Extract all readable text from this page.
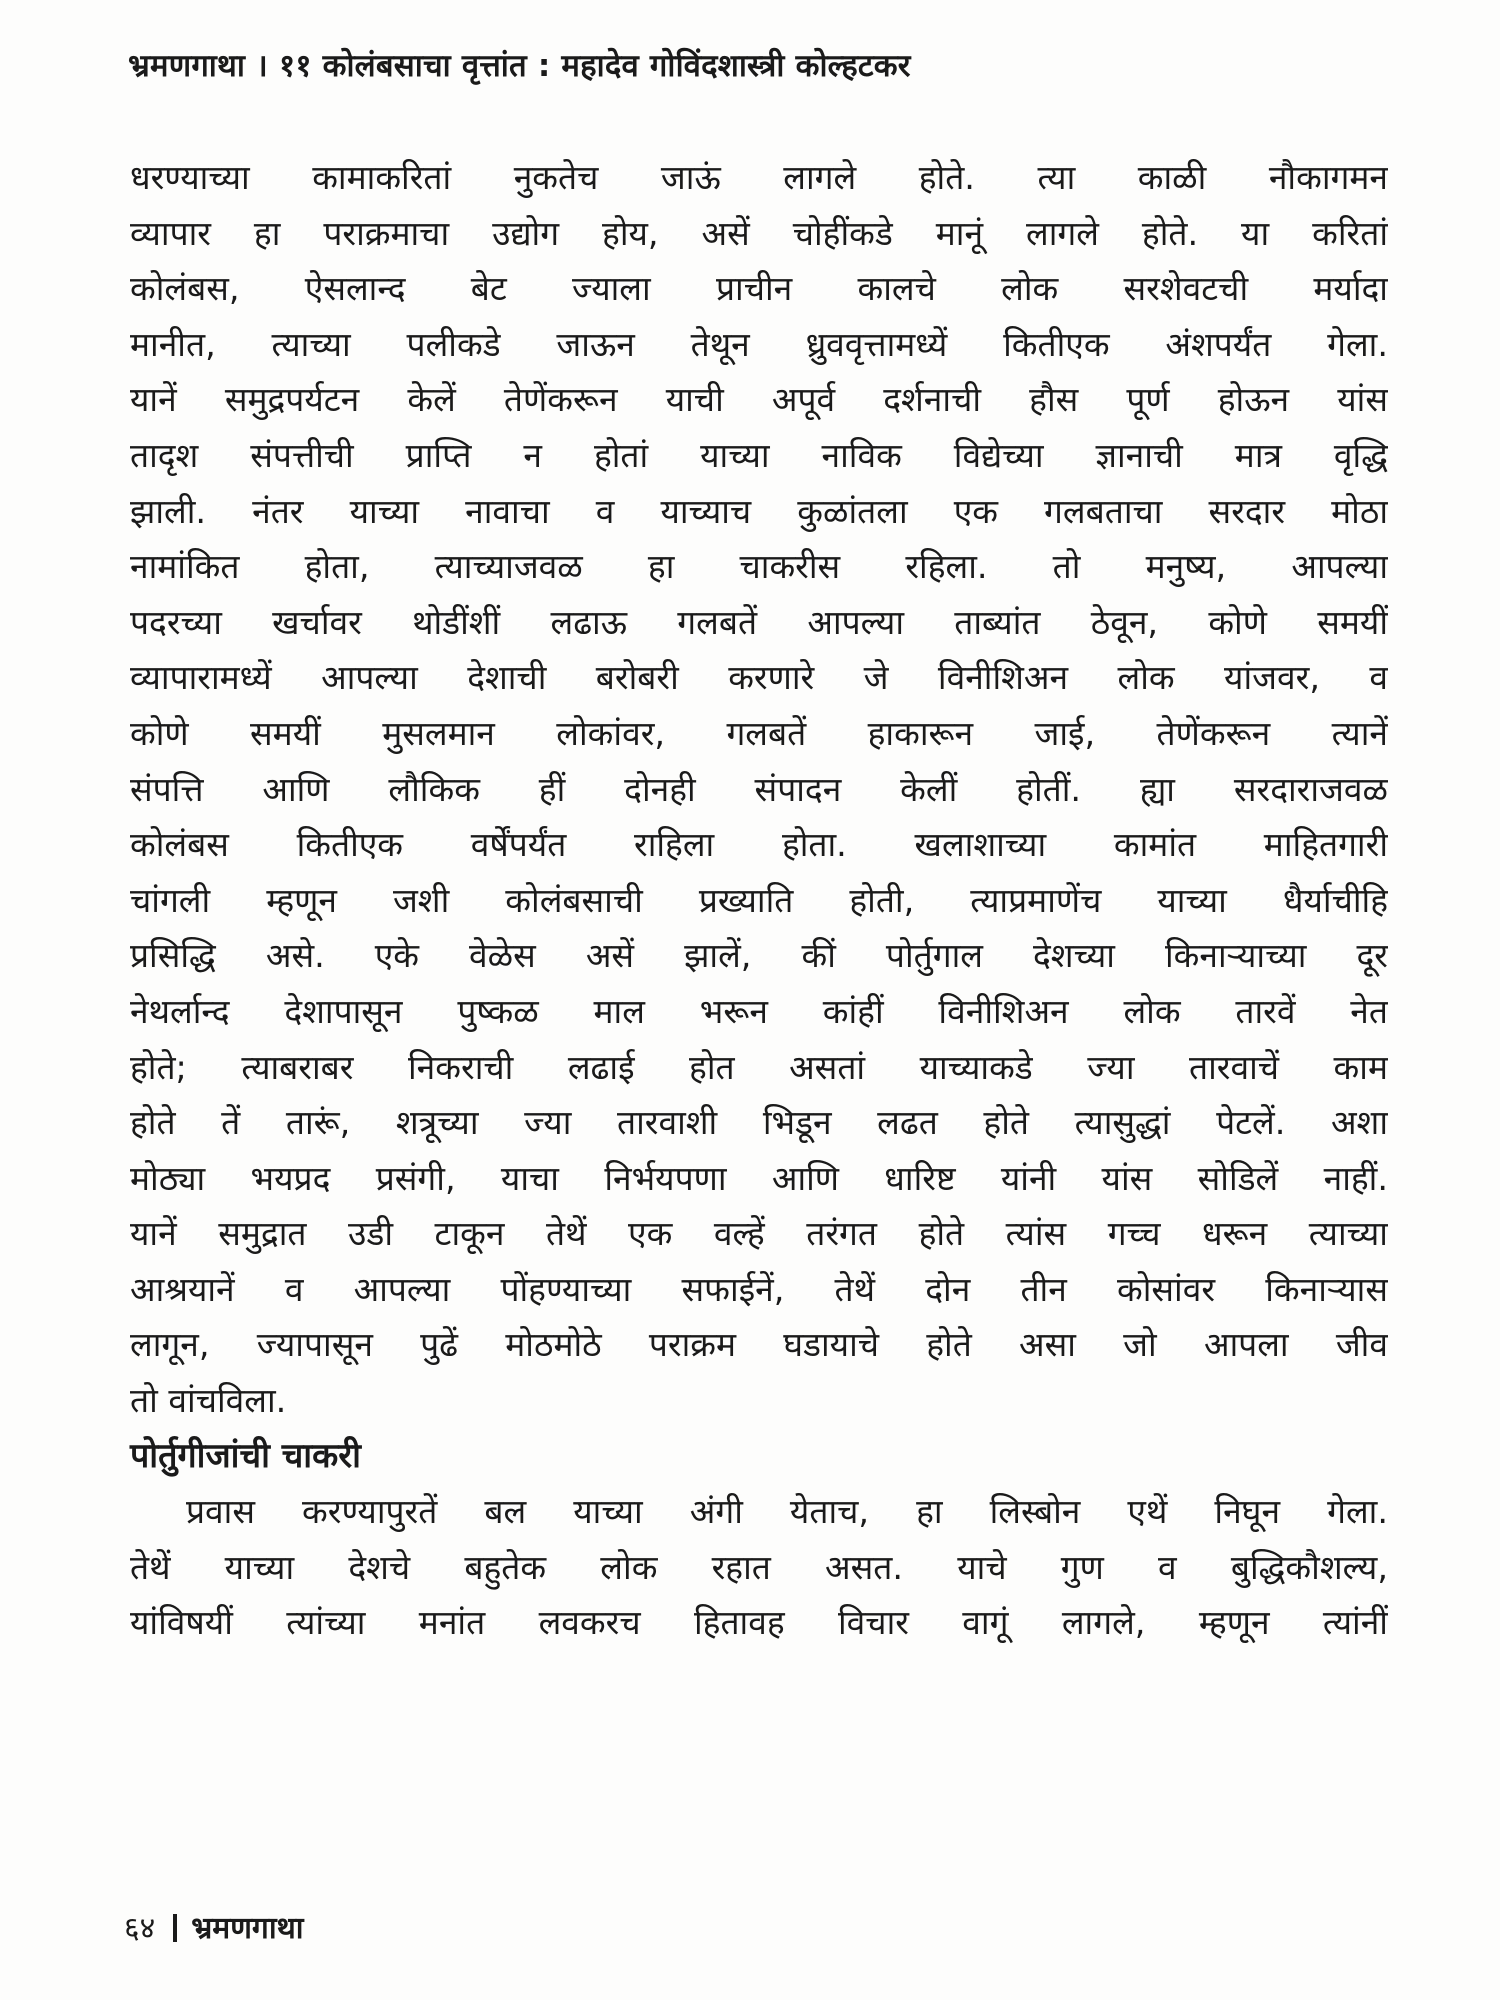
भ्रमणगाथा । ११ कोलंबसाचा वृत्तांत : महादेव गोविंदशास्त्री कोल्हटकर
धरण्याच्या कामाकरितां नुकतेच जाऊं लागले होते. त्या काळी नौकागमन
व्यापार हा पराक्रमाचा उद्योग होय, असें चोहींकडे मानूं लागले होते. या करितां
कोलंबस, ऐसलान्द बेट ज्याला प्राचीन कालचे लोक सरशेवटची मर्यादा
मानीत, त्याच्या पलीकडे जाऊन तेथून ध्रुववृत्तामध्यें कितीएक अंशपर्यंत गेला.
यानें समुद्रपर्यटन केलें तेणेंकरून याची अपूर्व दर्शनाची हौस पूर्ण होऊन यांस
तादृश संपत्तीची प्राप्ति न होतां याच्या नाविक विद्येच्या ज्ञानाची मात्र वृद्धि
झाली. नंतर याच्या नावाचा व याच्याच कुळांतला एक गलबताचा सरदार मोठा
नामांकित होता, त्याच्याजवळ हा चाकरीस रहिला. तो मनुष्य, आपल्या
पदरच्या खर्चावर थोडींशीं लढाऊ गलबतें आपल्या ताब्यांत ठेवून, कोणे समयीं
व्यापारामध्यें आपल्या देशाची बरोबरी करणारे जे विनीशिअन लोक यांजवर, व
कोणे समयीं मुसलमान लोकांवर, गलबतें हाकारून जाई, तेणेंकरून त्यानें
संपत्ति आणि लौकिक हीं दोनही संपादन केलीं होतीं. ह्या सरदाराजवळ
कोलंबस कितीएक वर्षेंपर्यंत राहिला होता. खलाशाच्या कामांत माहितगारी
चांगली म्हणून जशी कोलंबसाची प्रख्याति होती, त्याप्रमाणेंच याच्या धैर्याचीहि
प्रसिद्धि असे. एके वेळेस असें झालें, कीं पोर्तुगाल देशच्या किनाऱ्याच्या दूर
नेथर्लान्द देशापासून पुष्कळ माल भरून कांहीं विनीशिअन लोक तारवें नेत
होते; त्याबराबर निकराची लढाई होत असतां याच्याकडे ज्या तारवाचें काम
होते तें तारूं, शत्रूच्या ज्या तारवाशी भिडून लढत होते त्यासुद्धां पेटलें. अशा
मोठ्या भयप्रद प्रसंगी, याचा निर्भयपणा आणि धारिष्ट यांनी यांस सोडिलें नाहीं.
यानें समुद्रात उडी टाकून तेथें एक वल्हें तरंगत होते त्यांस गच्च धरून त्याच्या
आश्रयानें व आपल्या पोंहण्याच्या सफाईनें, तेथें दोन तीन कोसांवर किनाऱ्यास
लागून, ज्यापासून पुढें मोठमोठे पराक्रम घडायाचे होते असा जो आपला जीव
तो वांचविला.
पोर्तुगीजांची चाकरी
प्रवास करण्यापुरतें बल याच्या अंगी येताच, हा लिस्बोन एथें निघून गेला.
तेथें याच्या देशचे बहुतेक लोक रहात असत. याचे गुण व बुद्धिकौशल्य,
यांविषयीं त्यांच्या मनांत लवकरच हितावह विचार वागूं लागले, म्हणून त्यांनीं
६४ भ्रमणगाथा
